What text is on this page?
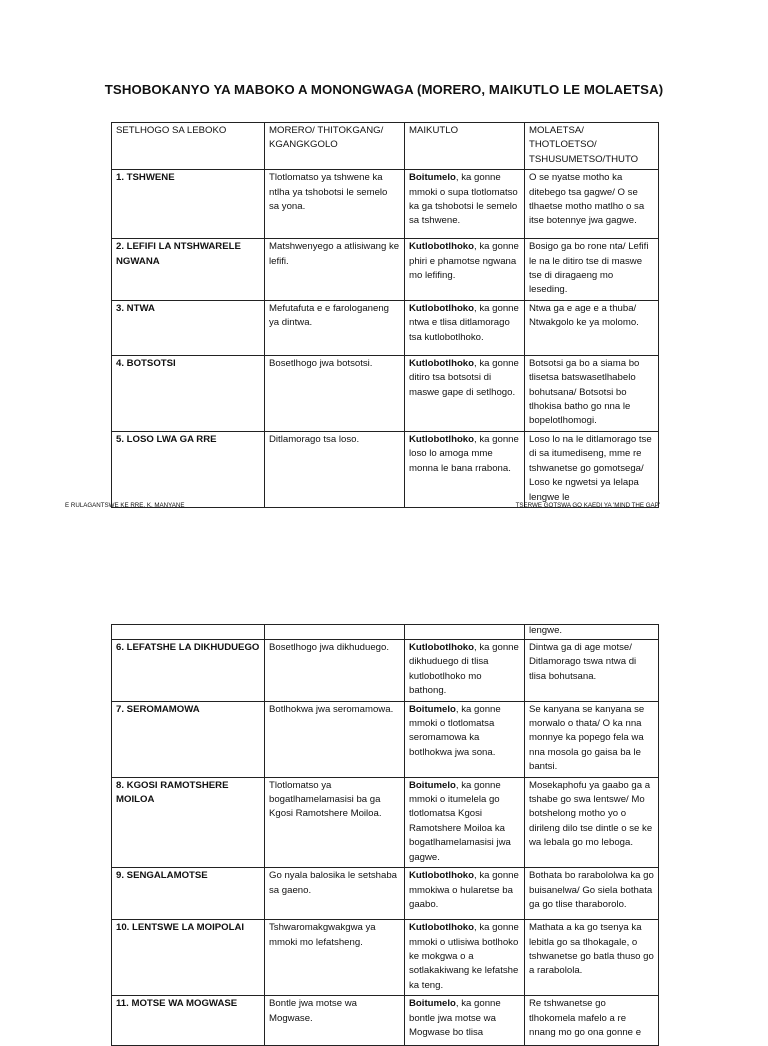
TSHOBOKANYO YA MABOKO A MONONGWAGA (MORERO, MAIKUTLO LE MOLAETSA)
SETLHOGO SA LEBOKO	MORERO/ THITOKGANG/ KGANGKGOLO	MAIKUTLO	MOLAETSA/ THOTLOETSO/ TSHUSUMETSO/THUTO
1. TSHWENE	Tlotlomatso ya tshwene ka ntlha ya tshobotsi le semelo sa yona.	Boitumelo, ka gonne mmoki o supa tlotlomatso ka ga tshobotsi le semelo sa tshwene.	O se nyatse motho ka ditebego tsa gagwe/ O se tlhaetse motho matlho o sa itse botennye jwa gagwe.
2. LEFIFI LA NTSHWARELE NGWANA	Matshwenyego a atlisiwang ke lefifi.	Kutlobotlhoko, ka gonne phiri e phamotse ngwana mo lefifing.	Bosigo ga bo rone nta/ Lefifi le na le ditiro tse di maswe tse di diragaeng mo leseding.
3. NTWA	Mefutafuta e e farologaneng ya dintwa.	Kutlobotlhoko, ka gonne ntwa e tlisa ditlamorago tsa kutlobotlhoko.	Ntwa ga e age e a thuba/ Ntwakgolo ke ya molomo.
4. BOTSOTSI	Bosetlhogo jwa botsotsi.	Kutlobotlhoko, ka gonne ditiro tsa botsotsi di maswe gape di setlhogo.	Botsotsi ga bo a siama bo tlisetsa batswasetlhabelo bohutsana/ Botsotsi bo tlhokisa batho go nna le bopelotlhomogi.
5. LOSO LWA GA RRE	Ditlamorago tsa loso.	Kutlobotlhoko, ka gonne loso lo amoga mme monna le bana rrabona.	Loso lo na le ditlamorago tse di sa itumediseng, mme re tshwanetse go gomotsega/ Loso ke ngwetsi ya lelapa lengwe le
E RULAGANTSWE KE RRE. K. MANYANE	TSERWE GOTSWA GO KAEDI YA 'MIND THE GAP'
			lengwe.
6. LEFATSHE LA DIKHUDUEGO	Bosetlhogo jwa dikhuduego.	Kutlobotlhoko, ka gonne dikhuduego di tlisa kutlobotlhoko mo bathong.	Dintwa ga di age motse/ Ditlamorago tswa ntwa di tlisa bohutsana.
7. SEROMAMOWA	Botlhokwa jwa seromamowa.	Boitumelo, ka gonne mmoki o tlotlomatsa seromamowa ka botlhokwa jwa sona.	Se kanyana se kanyana se morwalo o thata/ O ka nna monnye ka popego fela wa nna mosola go gaisa ba le bantsi.
8. KGOSI RAMOTSHERE MOILOA	Tlotlomatso ya bogatlhamelamasisi ba ga Kgosi Ramotshere Moiloa.	Boitumelo, ka gonne mmoki o itumelela go tlotlomatsa Kgosi Ramotshere Moiloa ka bogatlhamelamasisi jwa gagwe.	Mosekaphofu ya gaabo ga a tshabe go swa lentswe/ Mo botshelong motho yo o dirileng dilo tse dintle o se ke wa lebala go mo leboga.
9. SENGALAMOTSE	Go nyala balosika le setshaba sa gaeno.	Kutlobotlhoko, ka gonne mmokiwa o hularetse ba gaabo.	Bothata bo rarabololwa ka go buisanelwa/ Go siela bothata ga go tlise tharaborolo.
10. LENTSWE LA MOIPOLAI	Tshwaromakgwakgwa ya mmoki mo lefatsheng.	Kutlobotlhoko, ka gonne mmoki o utlisiwa botlhoko ke mokgwa o a sotlakakiwang ke lefatshe ka teng.	Mathata a ka go tsenya ka lebitla go sa tlhokagale, o tshwanetse go batla thuso go a rarabolola.
11. MOTSE WA MOGWASE	Bontle jwa motse wa Mogwase.	Boitumelo, ka gonne bontle jwa motse wa Mogwase bo tlisa	Re tshwanetse go tlhokomela mafelo a re nnang mo go ona gonne e
